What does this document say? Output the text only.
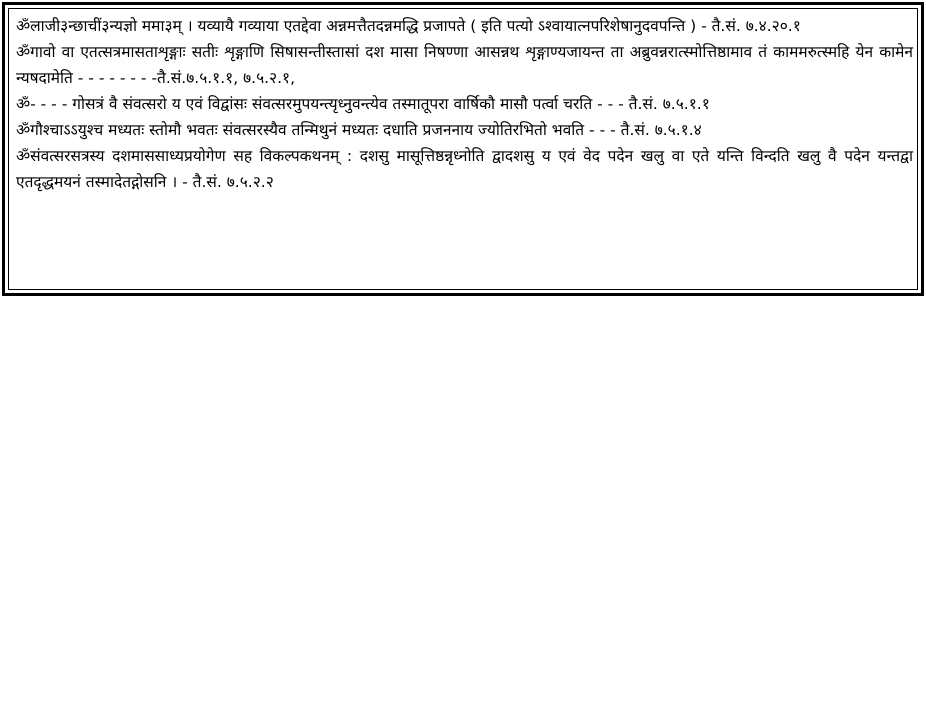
ॐलाजी३न्छाचीं३न्यज्ञो ममा३म् । यव्यायै गव्याया एतद्देवा अन्नमत्तैतदन्नमद्धि प्रजापते ( इति पत्यो ऽश्वायात्नपरिशेषानुदवपन्ति ) - तै.सं. ७.४.२०.१
ॐगावो वा एतत्सत्रमासताशृङ्गाः सतीः शृङ्गाणि सिषासन्तीस्तासां दश मासा निषण्णा आसन्नथ शृङ्गाण्यजायन्त ता अब्रुवन्नरात्स्मोत्तिष्ठामाव तं काममरुत्स्महि येन कामेन न्यषदामेति - - - - - - - -तै.सं.७.५.१.१, ७.५.२.१,
ॐ- - - - गोसत्रं वै संवत्सरो य एवं विद्वांसः संवत्सरमुपयन्त्यृध्नुवन्त्येव तस्मातूपरा वार्षिकौ मासौ पर्त्वा चरति - - - तै.सं. ७.५.१.१
ॐगौश्चाऽऽयुश्च मध्यतः स्तोमौ भवतः संवत्सरस्यैव तन्मिथुनं मध्यतः दधाति प्रजननाय ज्योतिरभितो भवति - - - तै.सं. ७.५.१.४
ॐसंवत्सरसत्रस्य दशमाससाध्यप्रयोगेण सह विकल्पकथनम् : दशसु मासूत्तिष्ठन्नृध्नोति द्वादशसु य एवं वेद पदेन खलु वा एते यन्ति विन्दति खलु वै पदेन यन्तद्वा एतदृद्धमयनं तस्मादेतद्गोसनि । - तै.सं. ७.५.२.२
